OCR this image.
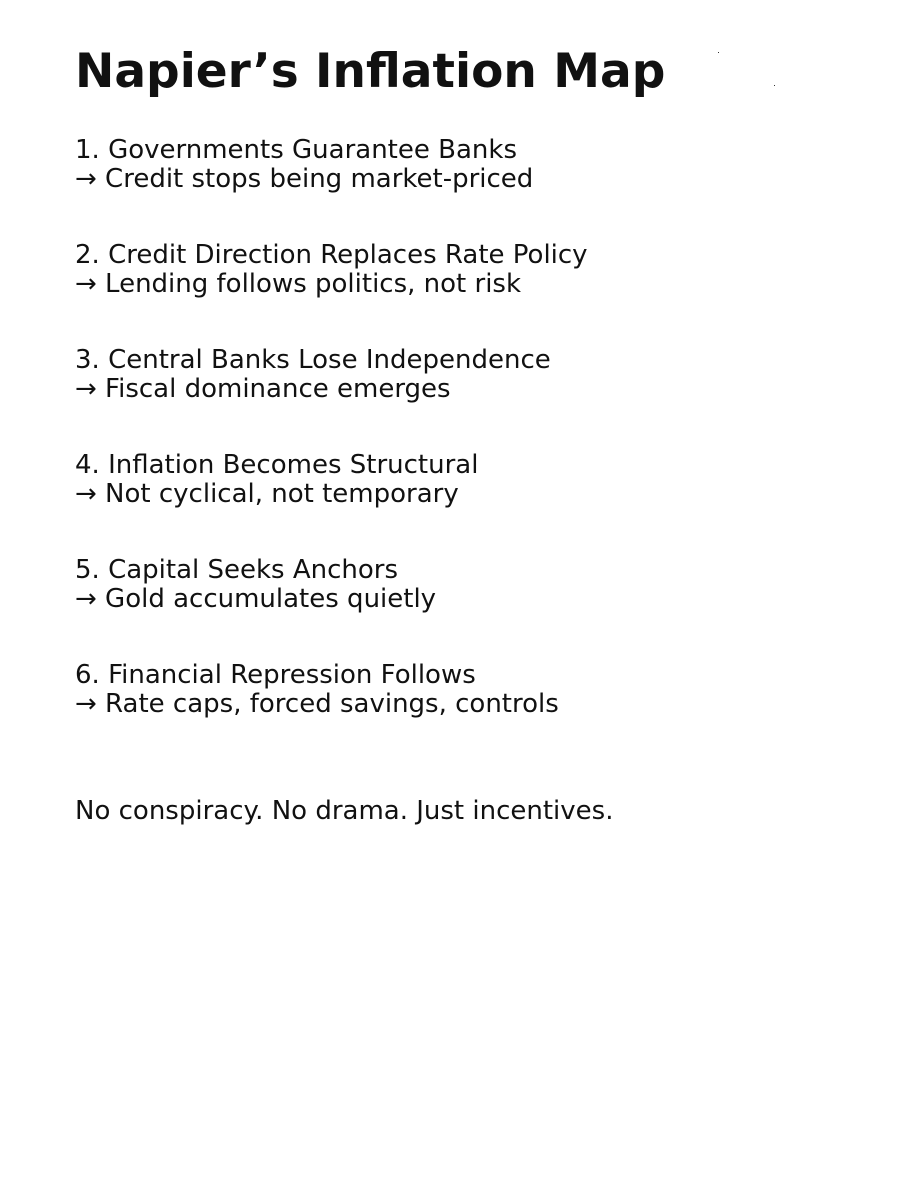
Napier’s Inflation Map
1. Governments Guarantee Banks
→ Credit stops being market-priced
2. Credit Direction Replaces Rate Policy
→ Lending follows politics, not risk
3. Central Banks Lose Independence
→ Fiscal dominance emerges
4. Inflation Becomes Structural
→ Not cyclical, not temporary
5. Capital Seeks Anchors
→ Gold accumulates quietly
6. Financial Repression Follows
→ Rate caps, forced savings, controls

No conspiracy. No drama. Just incentives.
